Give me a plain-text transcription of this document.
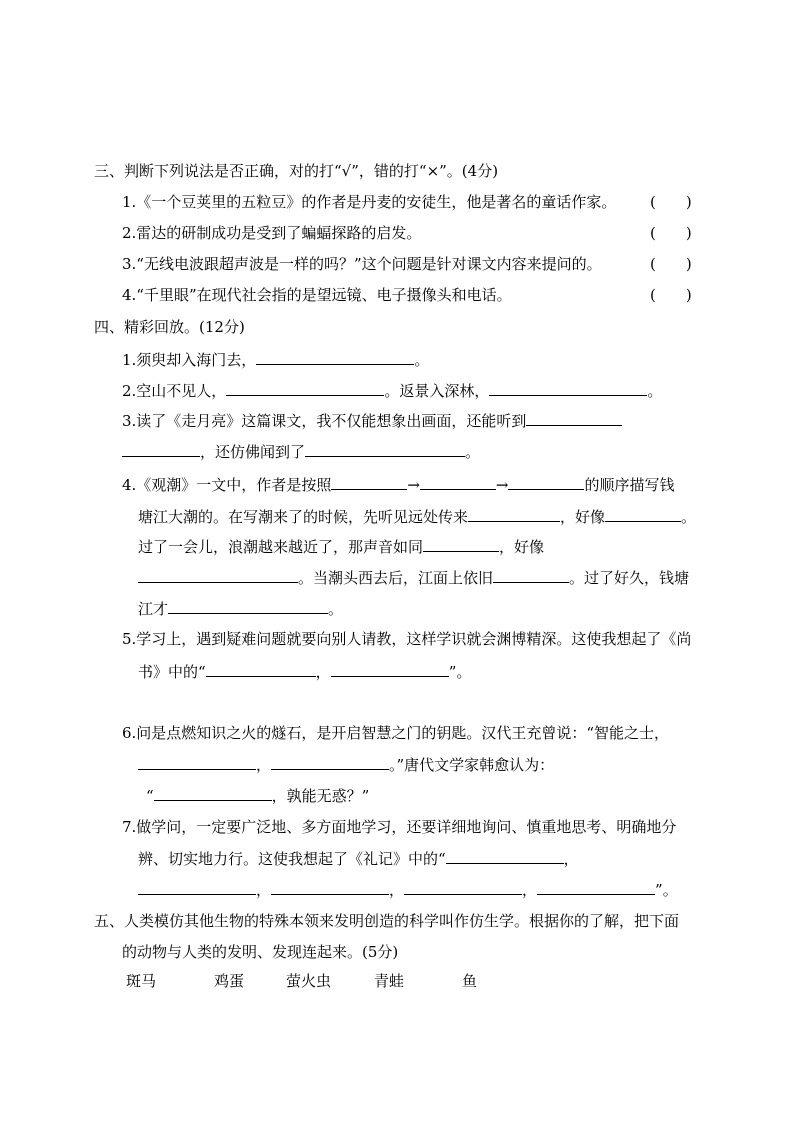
三、判断下列说法是否正确，对的打“√”，错的打“×”。(4分)
1.《一个豆荚里的五粒豆》的作者是丹麦的安徒生，他是著名的童话作家。 (　　)
2.雷达的研制成功是受到了蝙蝠探路的启发。	(　　)
3.“无线电波跟超声波是一样的吗？”这个问题是针对课文内容来提问的。	(　　)
4.“千里眼”在现代社会指的是望远镜、电子摄像头和电话。	(　　)
四、精彩回放。(12分)
1.须臾却入海门去，	。
2.空山不见人，	。返景入深林，	。
3.读了《走月亮》这篇课文，我不仅能想象出画面，还能听到
，还仿佛闻到了	。
4.《观潮》一文中，作者是按照	→	→	的顺序描写钱
塘江大潮的。在写潮来了的时候，先听见远处传来	，好像	。
过了一会儿，浪潮越来越近了，那声音如同	，好像
。当潮头西去后，江面上依旧	。过了好久，钱塘
江才	。
5.学习上，遇到疑难问题就要向别人请教，这样学识就会渊博精深。这使我想起了《尚
书》中的“	，	”。
6.问是点燃知识之火的燧石，是开启智慧之门的钥匙。汉代王充曾说：“智能之士，
，	。”唐代文学家韩愈认为：
“	，孰能无惑？”
7.做学问，一定要广泛地、多方面地学习，还要详细地询问、慎重地思考、明确地分
辨、切实地力行。这使我想起了《礼记》中的“	，
，	，	，	”。
五、人类模仿其他生物的特殊本领来发明创造的科学叫作仿生学。根据你的了解，把下面
的动物与人类的发明、发现连起来。(5分)
斑马	鸡蛋	萤火虫	青蛙	鱼
